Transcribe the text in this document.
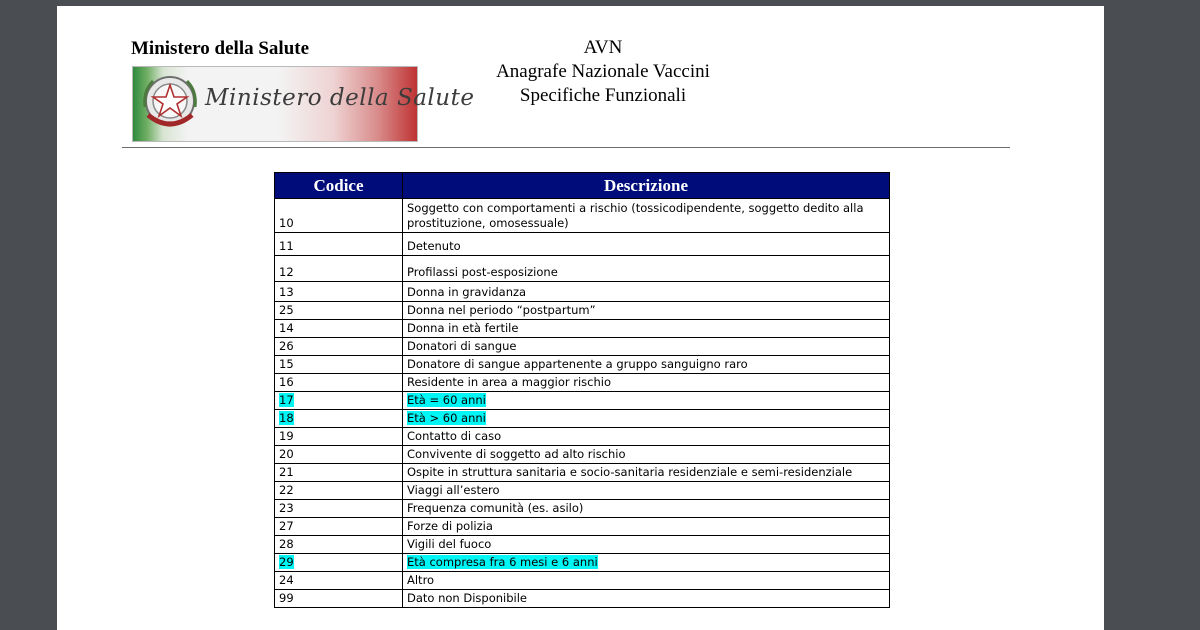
Ministero della Salute
Ministero della Salute
AVN
Anagrafe Nazionale Vaccini
Specifiche Funzionali
Codice	Descrizione
10	Soggetto con comportamenti a rischio (tossicodipendente, soggetto dedito alla prostituzione, omosessuale)
11	Detenuto
12	Profilassi post-esposizione
13	Donna in gravidanza
25	Donna nel periodo “postpartum”
14	Donna in età fertile
26	Donatori di sangue
15	Donatore di sangue appartenente a gruppo sanguigno raro
16	Residente in area a maggior rischio
17	Età = 60 anni
18	Età > 60 anni
19	Contatto di caso
20	Convivente di soggetto ad alto rischio
21	Ospite in struttura sanitaria e socio-sanitaria residenziale e semi-residenziale
22	Viaggi all’estero
23	Frequenza comunità (es. asilo)
27	Forze di polizia
28	Vigili del fuoco
29	Età compresa fra 6 mesi e 6 anni
24	Altro
99	Dato non Disponibile
